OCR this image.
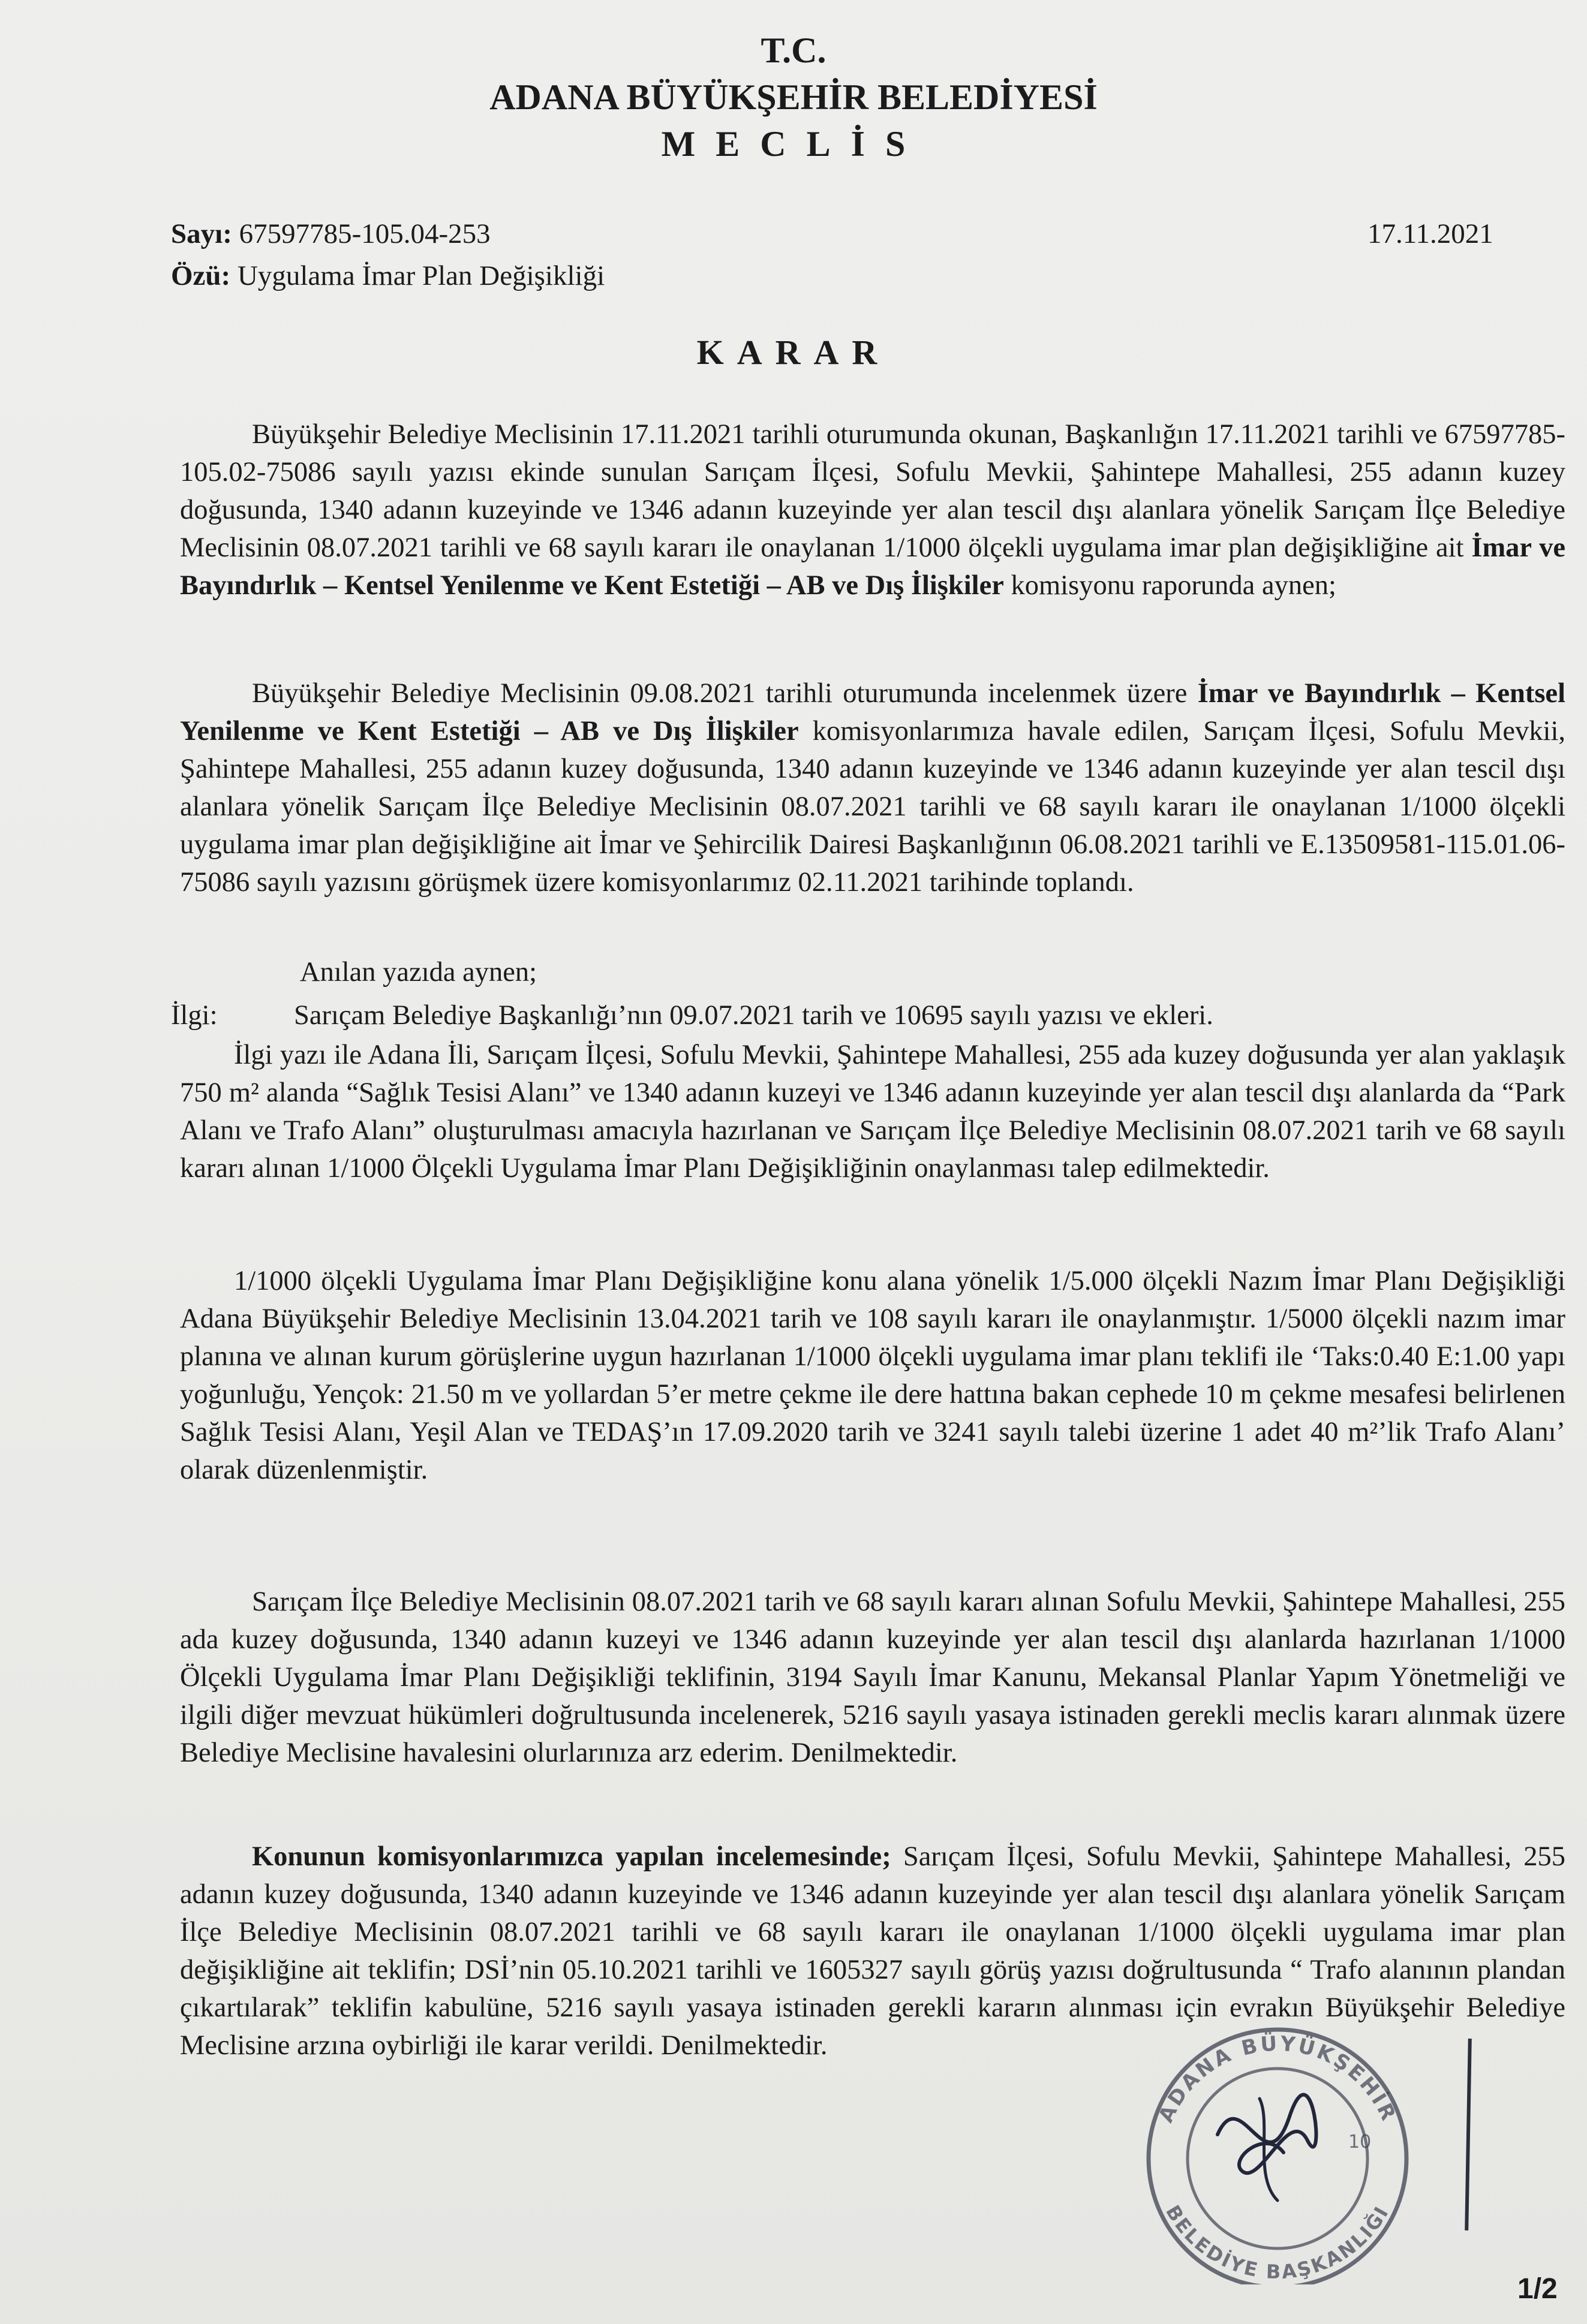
T.C.
ADANA BÜYÜKŞEHİR BELEDİYESİ
MECLİS
Sayı: 67597785-105.04-253
Özü: Uygulama İmar Plan Değişikliği
17.11.2021
KARAR

Büyükşehir Belediye Meclisinin 17.11.2021 tarihli oturumunda okunan, Başkanlığın 17.11.2021 tarihli ve 67597785-105.02-75086 sayılı yazısı ekinde sunulan Sarıçam İlçesi, Sofulu Mevkii, Şahintepe Mahallesi, 255 adanın kuzey doğusunda, 1340 adanın kuzeyinde ve 1346 adanın kuzeyinde yer alan tescil dışı alanlara yönelik Sarıçam İlçe Belediye Meclisinin 08.07.2021 tarihli ve 68 sayılı kararı ile onaylanan 1/1000 ölçekli uygulama imar plan değişikliğine ait İmar ve Bayındırlık – Kentsel Yenilenme ve Kent Estetiği – AB ve Dış İlişkiler komisyonu raporunda aynen;

Büyükşehir Belediye Meclisinin 09.08.2021 tarihli oturumunda incelenmek üzere İmar ve Bayındırlık – Kentsel Yenilenme ve Kent Estetiği – AB ve Dış İlişkiler komisyonlarımıza havale edilen, Sarıçam İlçesi, Sofulu Mevkii, Şahintepe Mahallesi, 255 adanın kuzey doğusunda, 1340 adanın kuzeyinde ve 1346 adanın kuzeyinde yer alan tescil dışı alanlara yönelik Sarıçam İlçe Belediye Meclisinin 08.07.2021 tarihli ve 68 sayılı kararı ile onaylanan 1/1000 ölçekli uygulama imar plan değişikliğine ait İmar ve Şehircilik Dairesi Başkanlığının 06.08.2021 tarihli ve E.13509581-115.01.06-75086 sayılı yazısını görüşmek üzere komisyonlarımız 02.11.2021 tarihinde toplandı.

Anılan yazıda aynen;
İlgi:	Sarıçam Belediye Başkanlığı’nın 09.07.2021 tarih ve 10695 sayılı yazısı ve ekleri.

İlgi yazı ile Adana İli, Sarıçam İlçesi, Sofulu Mevkii, Şahintepe Mahallesi, 255 ada kuzey doğusunda yer alan yaklaşık 750 m² alanda “Sağlık Tesisi Alanı” ve 1340 adanın kuzeyi ve 1346 adanın kuzeyinde yer alan tescil dışı alanlarda da “Park Alanı ve Trafo Alanı” oluşturulması amacıyla hazırlanan ve Sarıçam İlçe Belediye Meclisinin 08.07.2021 tarih ve 68 sayılı kararı alınan 1/1000 Ölçekli Uygulama İmar Planı Değişikliğinin onaylanması talep edilmektedir.

1/1000 ölçekli Uygulama İmar Planı Değişikliğine konu alana yönelik 1/5.000 ölçekli Nazım İmar Planı Değişikliği Adana Büyükşehir Belediye Meclisinin 13.04.2021 tarih ve 108 sayılı kararı ile onaylanmıştır. 1/5000 ölçekli nazım imar planına ve alınan kurum görüşlerine uygun hazırlanan 1/1000 ölçekli uygulama imar planı teklifi ile ‘Taks:0.40 E:1.00 yapı yoğunluğu, Yençok: 21.50 m ve yollardan 5’er metre çekme ile dere hattına bakan cephede 10 m çekme mesafesi belirlenen Sağlık Tesisi Alanı, Yeşil Alan ve TEDAŞ’ın 17.09.2020 tarih ve 3241 sayılı talebi üzerine 1 adet 40 m²’lik Trafo Alanı’ olarak düzenlenmiştir.

Sarıçam İlçe Belediye Meclisinin 08.07.2021 tarih ve 68 sayılı kararı alınan Sofulu Mevkii, Şahintepe Mahallesi, 255 ada kuzey doğusunda, 1340 adanın kuzeyi ve 1346 adanın kuzeyinde yer alan tescil dışı alanlarda hazırlanan 1/1000 Ölçekli Uygulama İmar Planı Değişikliği teklifinin, 3194 Sayılı İmar Kanunu, Mekansal Planlar Yapım Yönetmeliği ve ilgili diğer mevzuat hükümleri doğrultusunda incelenerek, 5216 sayılı yasaya istinaden gerekli meclis kararı alınmak üzere Belediye Meclisine havalesini olurlarınıza arz ederim. Denilmektedir.

Konunun komisyonlarımızca yapılan incelemesinde; Sarıçam İlçesi, Sofulu Mevkii, Şahintepe Mahallesi, 255 adanın kuzey doğusunda, 1340 adanın kuzeyinde ve 1346 adanın kuzeyinde yer alan tescil dışı alanlara yönelik Sarıçam İlçe Belediye Meclisinin 08.07.2021 tarihli ve 68 sayılı kararı ile onaylanan 1/1000 ölçekli uygulama imar plan değişikliğine ait teklifin; DSİ’nin 05.10.2021 tarihli ve 1605327 sayılı görüş yazısı doğrultusunda “ Trafo alanının plandan çıkartılarak” teklifin kabulüne, 5216 sayılı yasaya istinaden gerekli kararın alınması için evrakın Büyükşehir Belediye Meclisine arzına oybirliği ile karar verildi. Denilmektedir.

ADANA BÜYÜKŞEHİR
BELEDİYE BAŞKANLIĞI
10
1/2
